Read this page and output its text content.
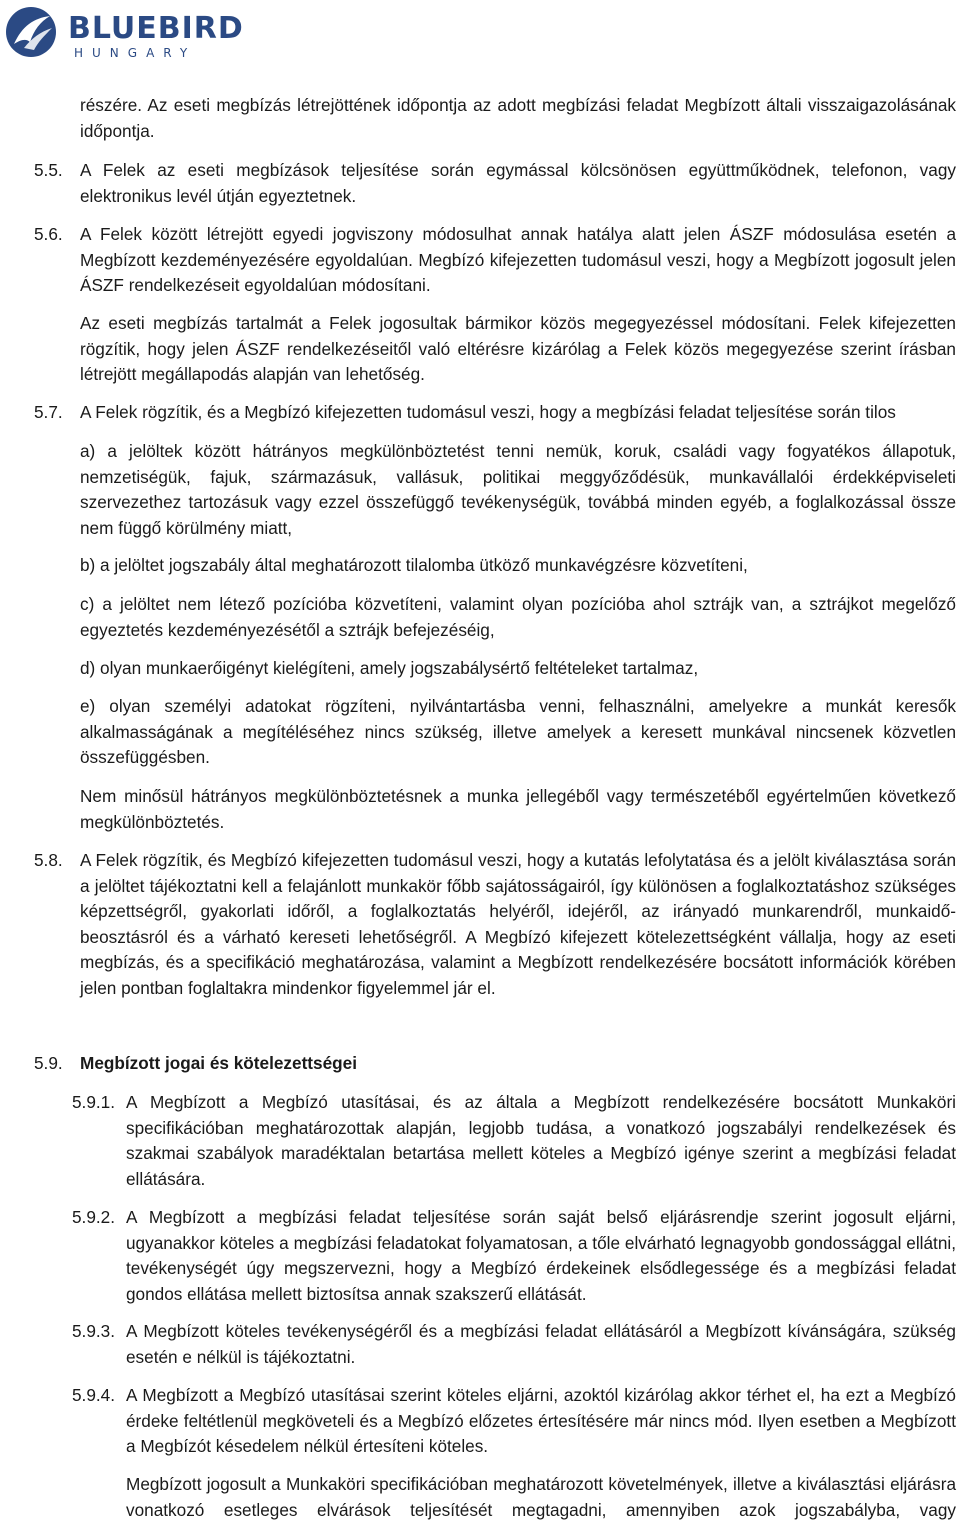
BLUEBIRD
HUNGARY
részére. Az eseti megbízás létrejöttének időpontja az adott megbízási feladat Megbízott általi visszaigazolásának időpontja.
5.5. A Felek az eseti megbízások teljesítése során egymással kölcsönösen együttműködnek, telefonon, vagy elektronikus levél útján egyeztetnek.
5.6. A Felek között létrejött egyedi jogviszony módosulhat annak hatálya alatt jelen ÁSZF módosulása esetén a Megbízott kezdeményezésére egyoldalúan. Megbízó kifejezetten tudomásul veszi, hogy a Megbízott jogosult jelen ÁSZF rendelkezéseit egyoldalúan módosítani.
Az eseti megbízás tartalmát a Felek jogosultak bármikor közös megegyezéssel módosítani. Felek kifejezetten rögzítik, hogy jelen ÁSZF rendelkezéseitől való eltérésre kizárólag a Felek közös megegyezése szerint írásban létrejött megállapodás alapján van lehetőség.
5.7. A Felek rögzítik, és a Megbízó kifejezetten tudomásul veszi, hogy a megbízási feladat teljesítése során tilos
a) a jelöltek között hátrányos megkülönböztetést tenni nemük, koruk, családi vagy fogyatékos állapotuk, nemzetiségük, fajuk, származásuk, vallásuk, politikai meggyőződésük, munkavállalói érdekképviseleti szervezethez tartozásuk vagy ezzel összefüggő tevékenységük, továbbá minden egyéb, a foglalkozással össze nem függő körülmény miatt,
b) a jelöltet jogszabály által meghatározott tilalomba ütköző munkavégzésre közvetíteni,
c) a jelöltet nem létező pozícióba közvetíteni, valamint olyan pozícióba ahol sztrájk van, a sztrájkot megelőző egyeztetés kezdeményezésétől a sztrájk befejezéséig,
d) olyan munkaerőigényt kielégíteni, amely jogszabálysértő feltételeket tartalmaz,
e) olyan személyi adatokat rögzíteni, nyilvántartásba venni, felhasználni, amelyekre a munkát keresők alkalmasságának a megítéléséhez nincs szükség, illetve amelyek a keresett munkával nincsenek közvetlen összefüggésben.
Nem minősül hátrányos megkülönböztetésnek a munka jellegéből vagy természetéből egyértelműen következő megkülönböztetés.
5.8. A Felek rögzítik, és Megbízó kifejezetten tudomásul veszi, hogy a kutatás lefolytatása és a jelölt kiválasztása során a jelöltet tájékoztatni kell a felajánlott munkakör főbb sajátosságairól, így különösen a foglalkoztatáshoz szükséges képzettségről, gyakorlati időről, a foglalkoztatás helyéről, idejéről, az irányadó munkarendről, munkaidő-beosztásról és a várható kereseti lehetőségről. A Megbízó kifejezett kötelezettségként vállalja, hogy az eseti megbízás, és a specifikáció meghatározása, valamint a Megbízott rendelkezésére bocsátott információk körében jelen pontban foglaltakra mindenkor figyelemmel jár el.
5.9. Megbízott jogai és kötelezettségei
5.9.1. A Megbízott a Megbízó utasításai, és az általa a Megbízott rendelkezésére bocsátott Munkaköri specifikációban meghatározottak alapján, legjobb tudása, a vonatkozó jogszabályi rendelkezések és szakmai szabályok maradéktalan betartása mellett köteles a Megbízó igénye szerint a megbízási feladat ellátására.
5.9.2. A Megbízott a megbízási feladat teljesítése során saját belső eljárásrendje szerint jogosult eljárni, ugyanakkor köteles a megbízási feladatokat folyamatosan, a tőle elvárható legnagyobb gondossággal ellátni, tevékenységét úgy megszervezni, hogy a Megbízó érdekeinek elsődlegessége és a megbízási feladat gondos ellátása mellett biztosítsa annak szakszerű ellátását.
5.9.3. A Megbízott köteles tevékenységéről és a megbízási feladat ellátásáról a Megbízott kívánságára, szükség esetén e nélkül is tájékoztatni.
5.9.4. A Megbízott a Megbízó utasításai szerint köteles eljárni, azoktól kizárólag akkor térhet el, ha ezt a Megbízó érdeke feltétlenül megköveteli és a Megbízó előzetes értesítésére már nincs mód. Ilyen esetben a Megbízott a Megbízót késedelem nélkül értesíteni köteles.
Megbízott jogosult a Munkaköri specifikációban meghatározott követelmények, illetve a kiválasztási eljárásra vonatkozó esetleges elvárások teljesítését megtagadni, amennyiben azok jogszabályba, vagy
